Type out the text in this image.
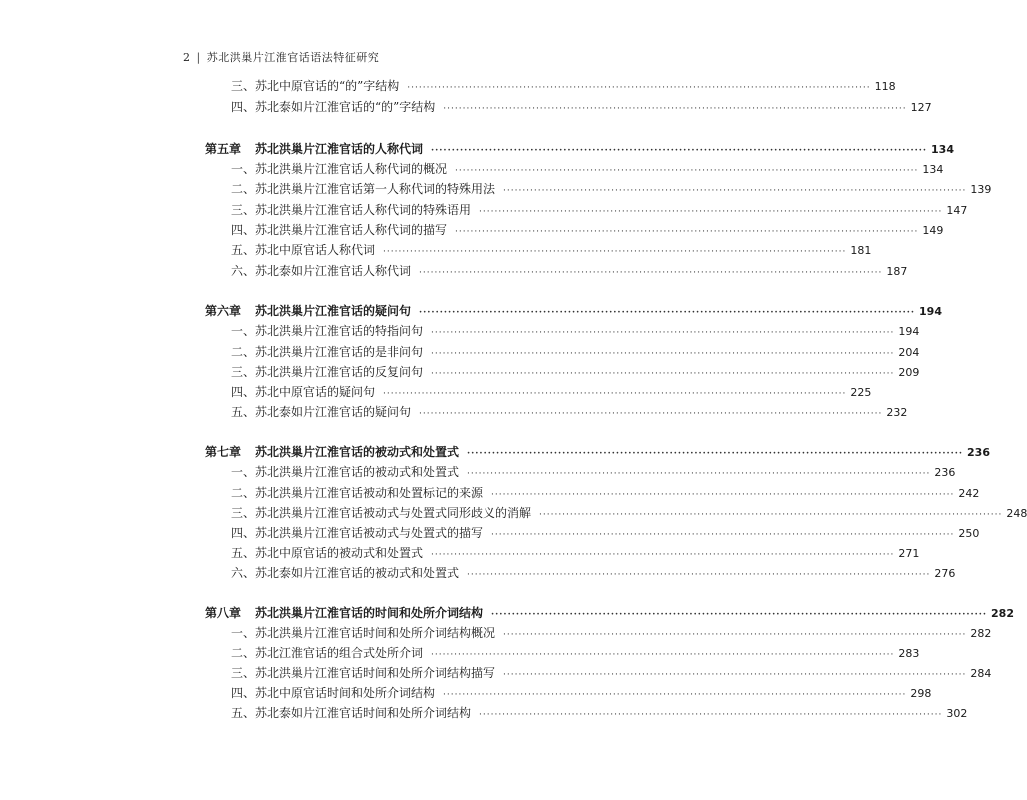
2 | 苏北洪巢片江淮官话语法特征研究
三、苏北中原官话的“的”字结构 ························································································································ 118
四、苏北泰如片江淮官话的“的”字结构 ························································································································ 127
第五章 苏北洪巢片江淮官话的人称代词 ························································································································ 134
一、苏北洪巢片江淮官话人称代词的概况 ························································································································ 134
二、苏北洪巢片江淮官话第一人称代词的特殊用法 ························································································································ 139
三、苏北洪巢片江淮官话人称代词的特殊语用 ························································································································ 147
四、苏北洪巢片江淮官话人称代词的描写 ························································································································ 149
五、苏北中原官话人称代词 ························································································································ 181
六、苏北泰如片江淮官话人称代词 ························································································································ 187
第六章 苏北洪巢片江淮官话的疑问句 ························································································································ 194
一、苏北洪巢片江淮官话的特指问句 ························································································································ 194
二、苏北洪巢片江淮官话的是非问句 ························································································································ 204
三、苏北洪巢片江淮官话的反复问句 ························································································································ 209
四、苏北中原官话的疑问句 ························································································································ 225
五、苏北泰如片江淮官话的疑问句 ························································································································ 232
第七章 苏北洪巢片江淮官话的被动式和处置式 ························································································································ 236
一、苏北洪巢片江淮官话的被动式和处置式 ························································································································ 236
二、苏北洪巢片江淮官话被动和处置标记的来源 ························································································································ 242
三、苏北洪巢片江淮官话被动式与处置式同形歧义的消解 ························································································································ 248
四、苏北洪巢片江淮官话被动式与处置式的描写 ························································································································ 250
五、苏北中原官话的被动式和处置式 ························································································································ 271
六、苏北泰如片江淮官话的被动式和处置式 ························································································································ 276
第八章 苏北洪巢片江淮官话的时间和处所介词结构 ························································································································ 282
一、苏北洪巢片江淮官话时间和处所介词结构概况 ························································································································ 282
二、苏北江淮官话的组合式处所介词 ························································································································ 283
三、苏北洪巢片江淮官话时间和处所介词结构描写 ························································································································ 284
四、苏北中原官话时间和处所介词结构 ························································································································ 298
五、苏北泰如片江淮官话时间和处所介词结构 ························································································································ 302
